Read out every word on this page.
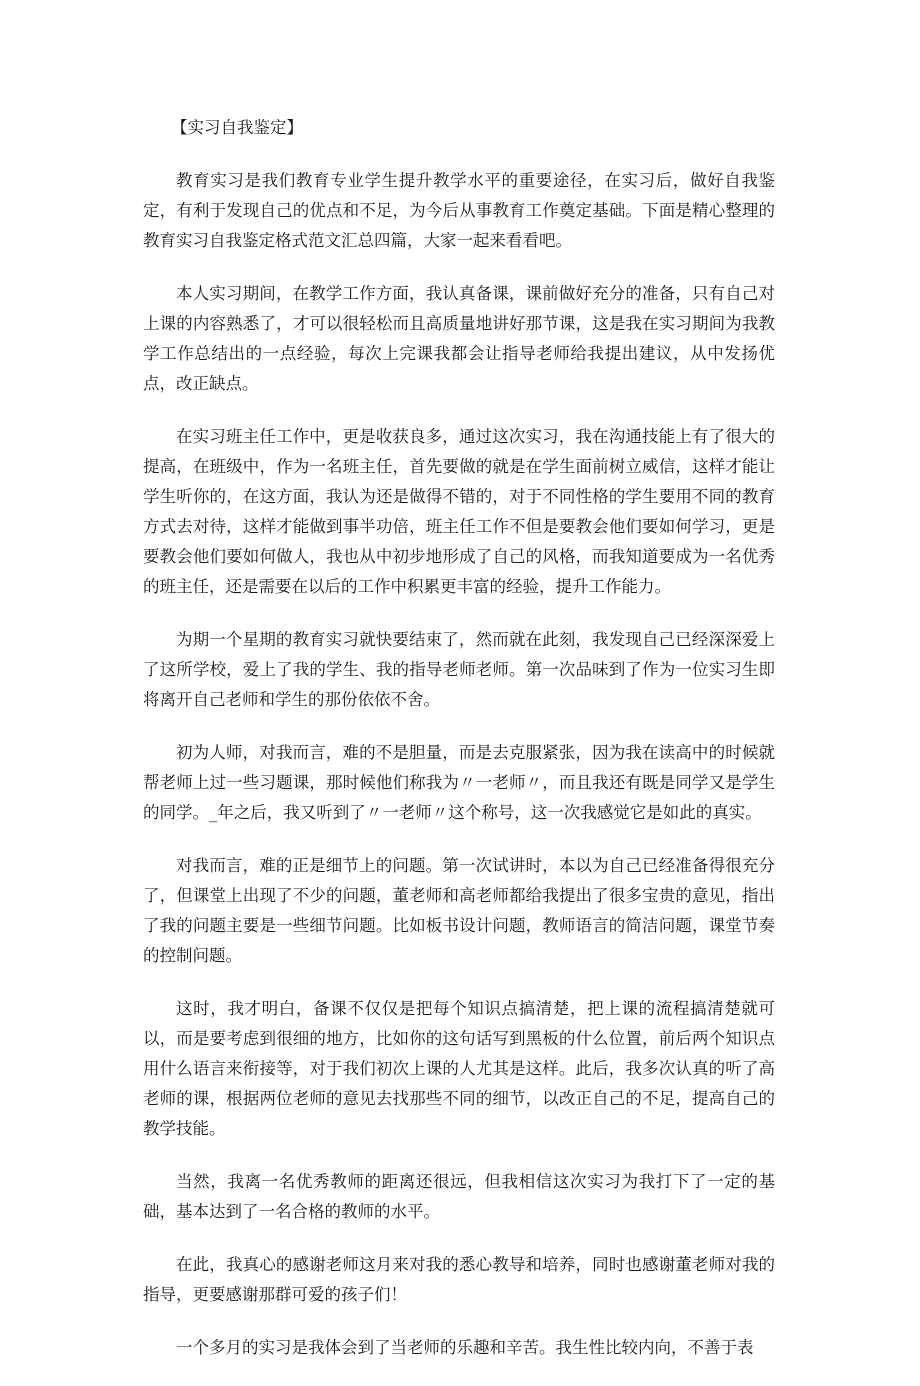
【实习自我鉴定】

教育实习是我们教育专业学生提升教学水平的重要途径，在实习后，做好自我鉴定，有利于发现自己的优点和不足，为今后从事教育工作奠定基础。下面是精心整理的教育实习自我鉴定格式范文汇总四篇，大家一起来看看吧。

本人实习期间，在教学工作方面，我认真备课，课前做好充分的准备，只有自己对上课的内容熟悉了，才可以很轻松而且高质量地讲好那节课，这是我在实习期间为我教学工作总结出的一点经验，每次上完课我都会让指导老师给我提出建议，从中发扬优点，改正缺点。

在实习班主任工作中，更是收获良多，通过这次实习，我在沟通技能上有了很大的提高，在班级中，作为一名班主任，首先要做的就是在学生面前树立威信，这样才能让学生听你的，在这方面，我认为还是做得不错的，对于不同性格的学生要用不同的教育方式去对待，这样才能做到事半功倍，班主任工作不但是要教会他们要如何学习，更是要教会他们要如何做人，我也从中初步地形成了自己的风格，而我知道要成为一名优秀的班主任，还是需要在以后的工作中积累更丰富的经验，提升工作能力。

为期一个星期的教育实习就快要结束了，然而就在此刻，我发现自己已经深深爱上了这所学校，爱上了我的学生、我的指导老师老师。第一次品味到了作为一位实习生即将离开自己老师和学生的那份依依不舍。

初为人师，对我而言，难的不是胆量，而是去克服紧张，因为我在读高中的时候就帮老师上过一些习题课，那时候他们称我为〃一老师〃，而且我还有既是同学又是学生的同学。_年之后，我又听到了〃一老师〃这个称号，这一次我感觉它是如此的真实。

对我而言，难的正是细节上的问题。第一次试讲时，本以为自己已经准备得很充分了，但课堂上出现了不少的问题，董老师和高老师都给我提出了很多宝贵的意见，指出了我的问题主要是一些细节问题。比如板书设计问题，教师语言的简洁问题，课堂节奏的控制问题。

这时，我才明白，备课不仅仅是把每个知识点搞清楚，把上课的流程搞清楚就可以，而是要考虑到很细的地方，比如你的这句话写到黑板的什么位置，前后两个知识点用什么语言来衔接等，对于我们初次上课的人尤其是这样。此后，我多次认真的听了高老师的课，根据两位老师的意见去找那些不同的细节，以改正自己的不足，提高自己的教学技能。

当然，我离一名优秀教师的距离还很远，但我相信这次实习为我打下了一定的基础，基本达到了一名合格的教师的水平。

在此，我真心的感谢老师这月来对我的悉心教导和培养，同时也感谢董老师对我的指导，更要感谢那群可爱的孩子们！

一个多月的实习是我体会到了当老师的乐趣和辛苦。我生性比较内向，不善于表
